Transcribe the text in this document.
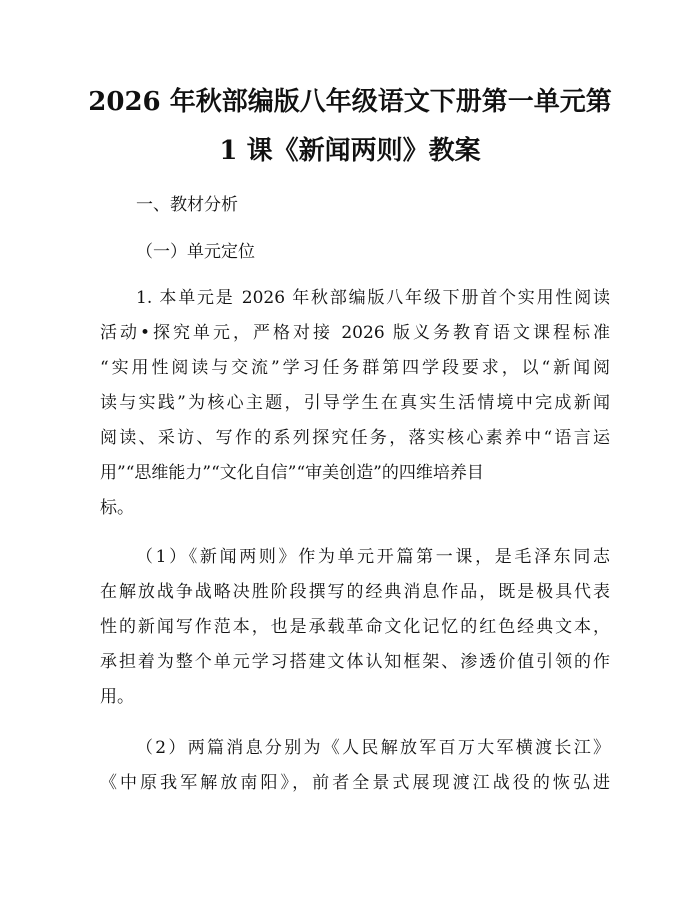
2026 年秋部编版八年级语文下册第一单元第
1 课《新闻两则》教案

一、教材分析

（一）单元定位

1. 本单元是 2026 年秋部编版八年级下册首个实用性阅读

活动•探究单元，严格对接 2026 版义务教育语文课程标准

“实用性阅读与交流”学习任务群第四学段要求，以“新闻阅

读与实践”为核心主题，引导学生在真实生活情境中完成新闻

阅读、采访、写作的系列探究任务，落实核心素养中“语言运

用”“思维能力”“文化自信”“审美创造”的四维培养目

标。

（1）《新闻两则》作为单元开篇第一课，是毛泽东同志

在解放战争战略决胜阶段撰写的经典消息作品，既是极具代表

性的新闻写作范本，也是承载革命文化记忆的红色经典文本，

承担着为整个单元学习搭建文体认知框架、渗透价值引领的作

用。

（2）两篇消息分别为《人民解放军百万大军横渡长江》

《中原我军解放南阳》，前者全景式展现渡江战役的恢弘进
